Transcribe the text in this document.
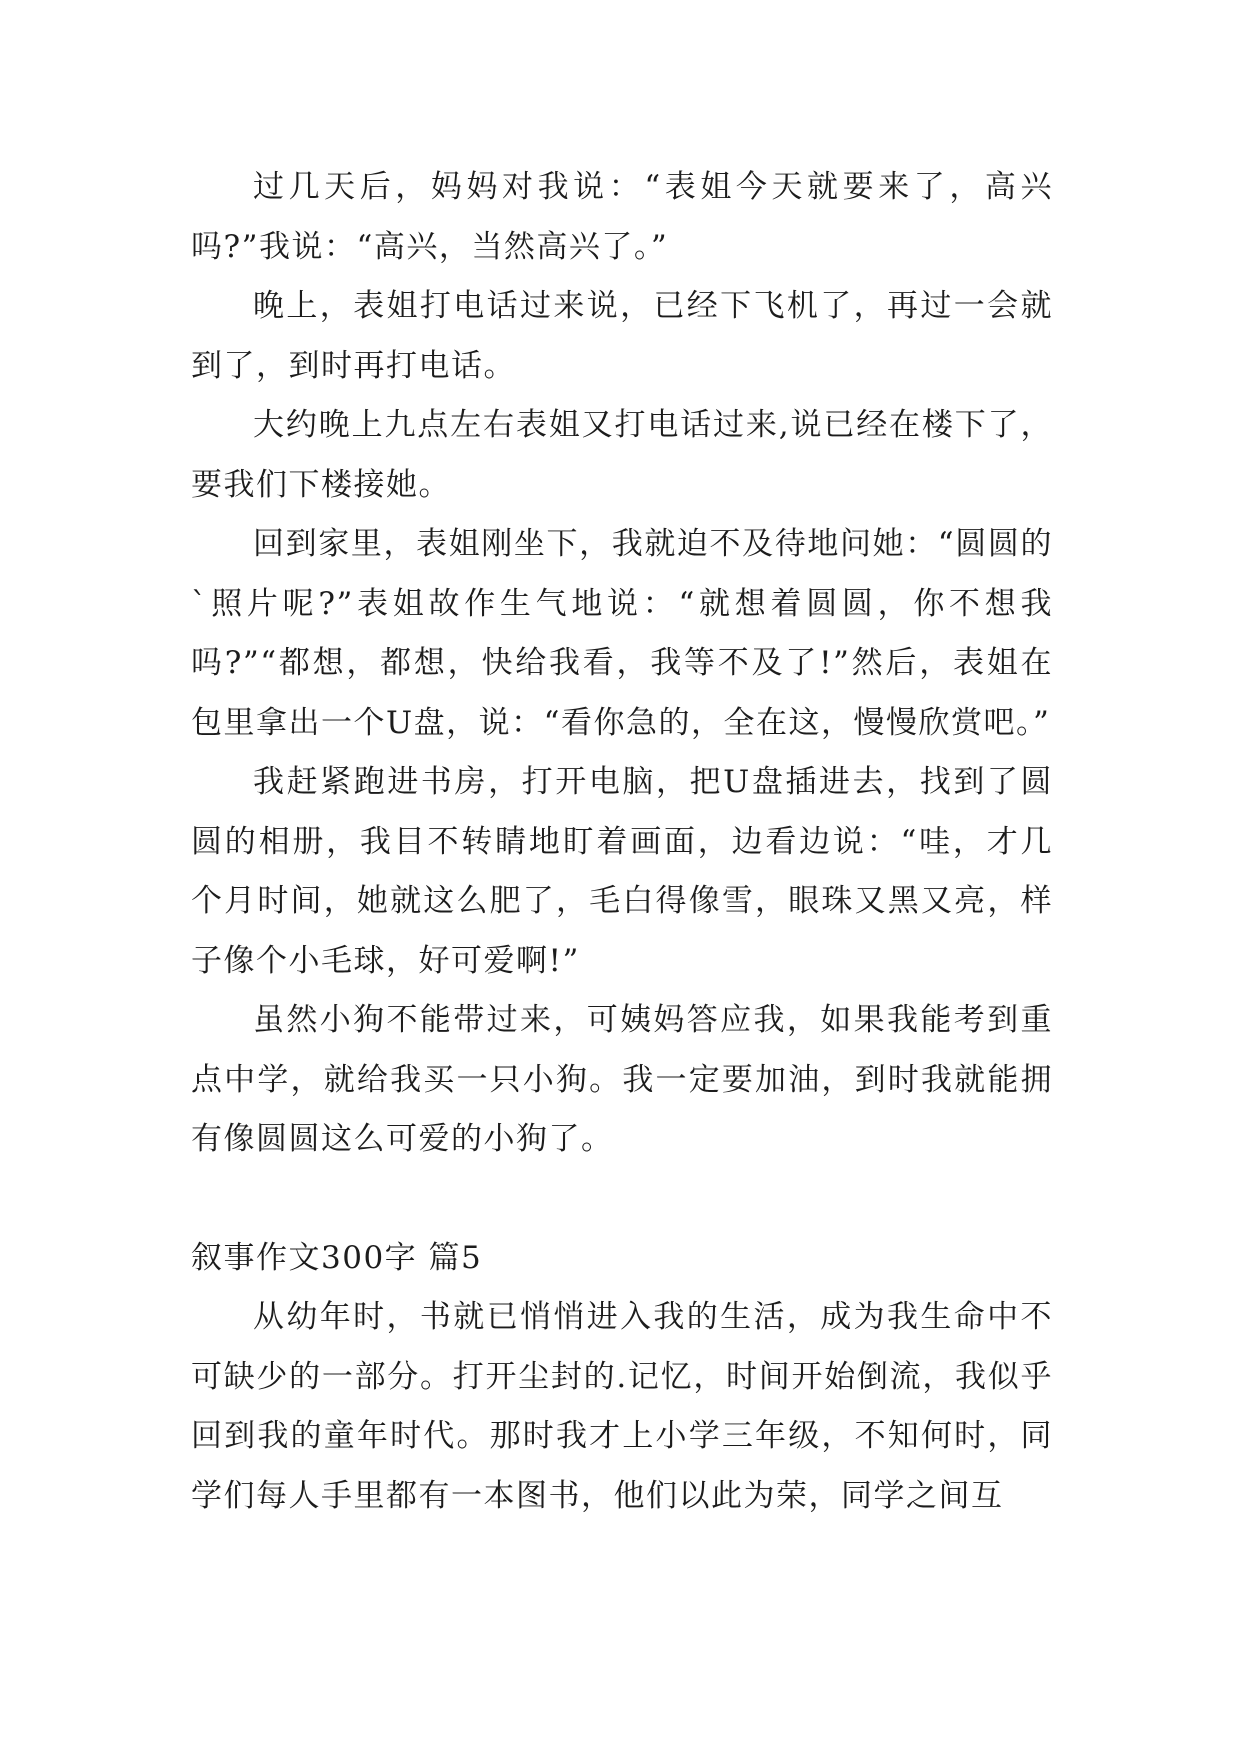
过几天后，妈妈对我说：“表姐今天就要来了，高兴吗?”我说：“高兴，当然高兴了。”

晚上，表姐打电话过来说，已经下飞机了，再过一会就到了，到时再打电话。

大约晚上九点左右表姐又打电话过来,说已经在楼下了，要我们下楼接她。

回到家里，表姐刚坐下，我就迫不及待地问她：“圆圆的`照片呢?”表姐故作生气地说：“就想着圆圆，你不想我吗?”“都想，都想，快给我看，我等不及了!”然后，表姐在包里拿出一个U盘，说：“看你急的，全在这，慢慢欣赏吧。”

我赶紧跑进书房，打开电脑，把U盘插进去，找到了圆圆的相册，我目不转睛地盯着画面，边看边说：“哇，才几个月时间，她就这么肥了，毛白得像雪，眼珠又黑又亮，样子像个小毛球，好可爱啊!”

虽然小狗不能带过来，可姨妈答应我，如果我能考到重点中学，就给我买一只小狗。我一定要加油，到时我就能拥有像圆圆这么可爱的小狗了。

叙事作文300字 篇5

从幼年时，书就已悄悄进入我的生活，成为我生命中不可缺少的一部分。打开尘封的.记忆，时间开始倒流，我似乎回到我的童年时代。那时我才上小学三年级，不知何时，同学们每人手里都有一本图书，他们以此为荣，同学之间互
